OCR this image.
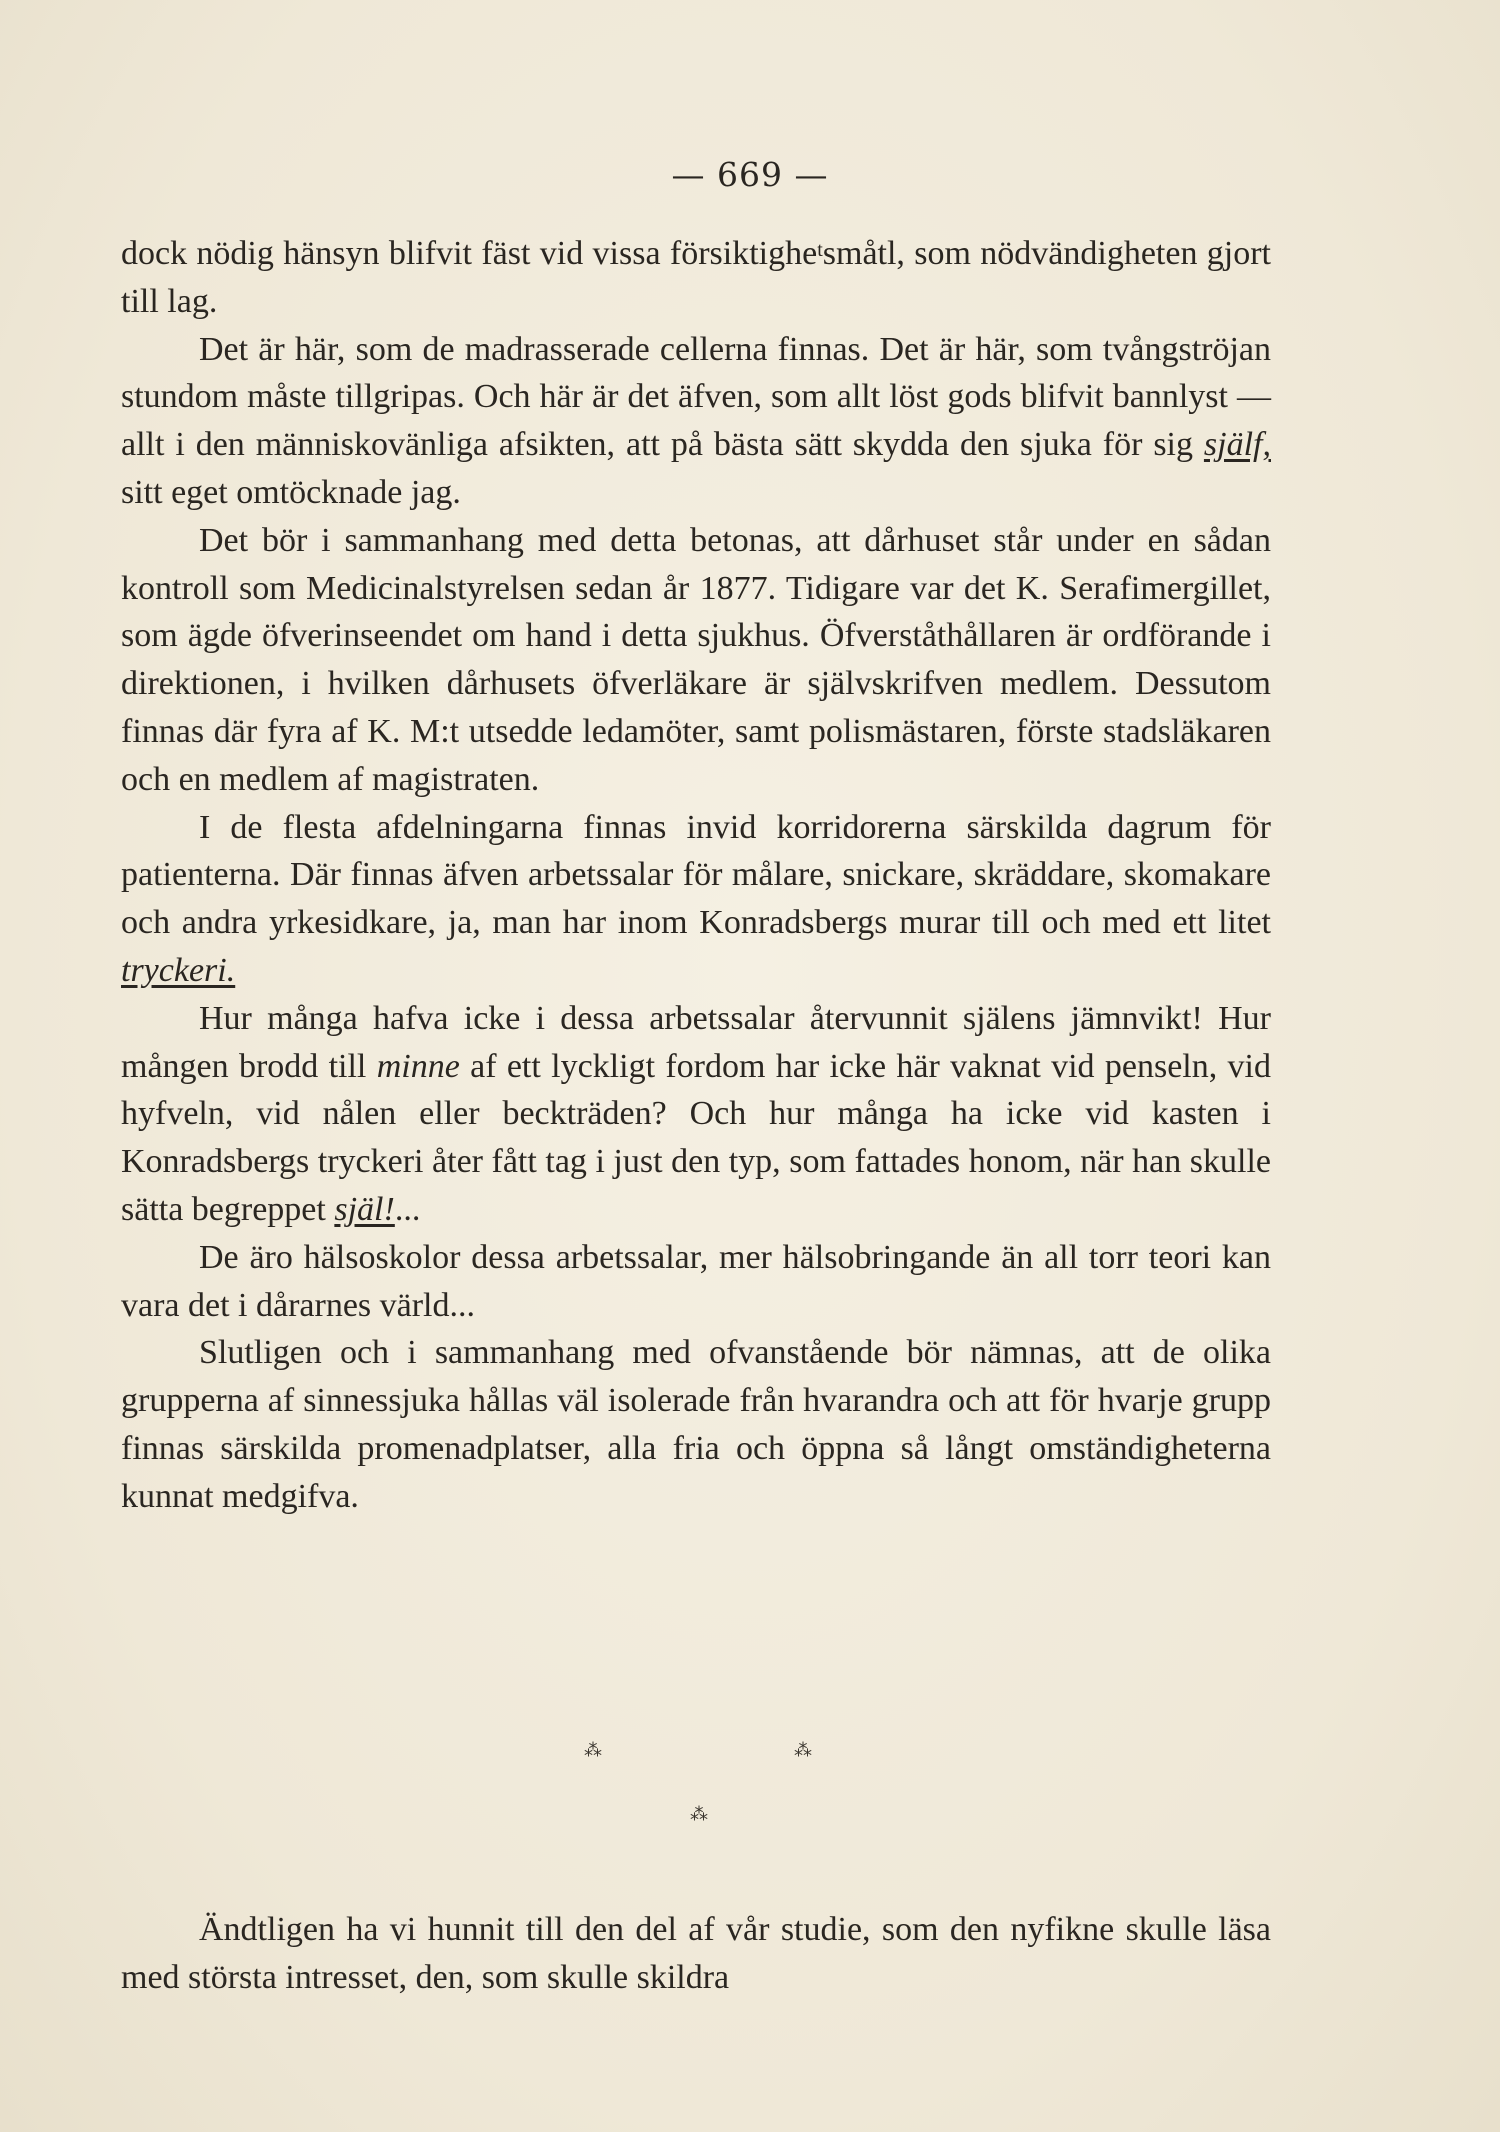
— 669 —

dock nödig hänsyn blifvit fäst vid vissa försiktighe$^t$småtl, som nödvändigheten gjort till lag.

Det är här, som de madrasserade cellerna finnas. Det är här, som tvångströjan stundom måste tillgripas. Och här är det äfven, som allt löst gods blifvit bannlyst — allt i den människovänliga afsikten, att på bästa sätt skydda den sjuka för sig själf, sitt eget omtöcknade jag.

Det bör i sammanhang med detta betonas, att dårhuset står under en sådan kontroll som Medicinalstyrelsen sedan år 1877. Tidigare var det K. Serafimergillet, som ägde öfverinseendet om hand i detta sjukhus. Öfverståthållaren är ordförande i direktionen, i hvilken dårhusets öfverläkare är självskrifven medlem. Dessutom finnas där fyra af K. M:t utsedde ledamöter, samt polismästaren, förste stadsläkaren och en medlem af magistraten.

I de flesta afdelningarna finnas invid korridorerna särskilda dagrum för patienterna. Där finnas äfven arbetssalar för målare, snickare, skräddare, skomakare och andra yrkesidkare, ja, man har inom Konradsbergs murar till och med ett litet tryckeri.

Hur många hafva icke i dessa arbetssalar återvunnit själens jämnvikt! Hur mången brodd till minne af ett lyckligt fordom har icke här vaknat vid penseln, vid hyfveln, vid nålen eller beckträden? Och hur många ha icke vid kasten i Konradsbergs tryckeri åter fått tag i just den typ, som fattades honom, när han skulle sätta begreppet själ!...

De äro hälsoskolor dessa arbetssalar, mer hälsobringande än all torr teori kan vara det i dårarnes värld...

Slutligen och i sammanhang med ofvanstående bör nämnas, att de olika grupperna af sinnessjuka hållas väl isolerade från hvarandra och att för hvarje grupp finnas särskilda promenadplatser, alla fria och öppna så långt omständigheterna kunnat medgifva.

⁂	⁂
⁂

Ändtligen ha vi hunnit till den del af vår studie, som den nyfikne skulle läsa med största intresset, den, som skulle skildra
